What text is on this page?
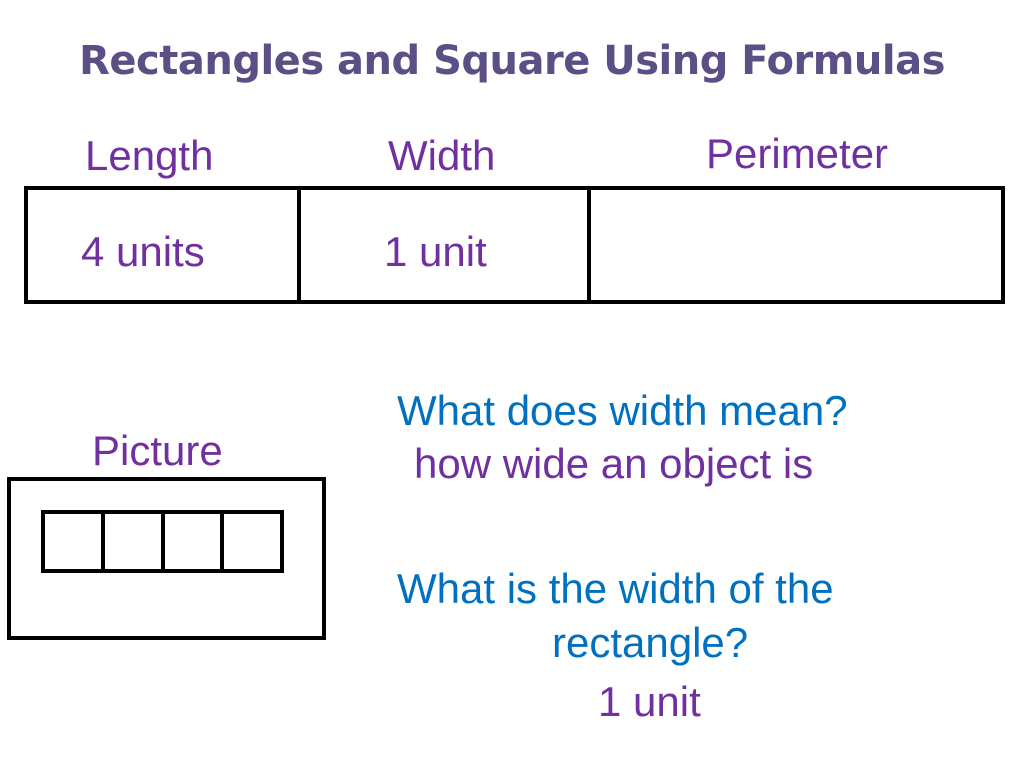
Rectangles and Square Using Formulas
Length	Width	Perimeter
4 units	1 unit
Picture
What does width mean?
how wide an object is
What is the width of the
rectangle?
1 unit
